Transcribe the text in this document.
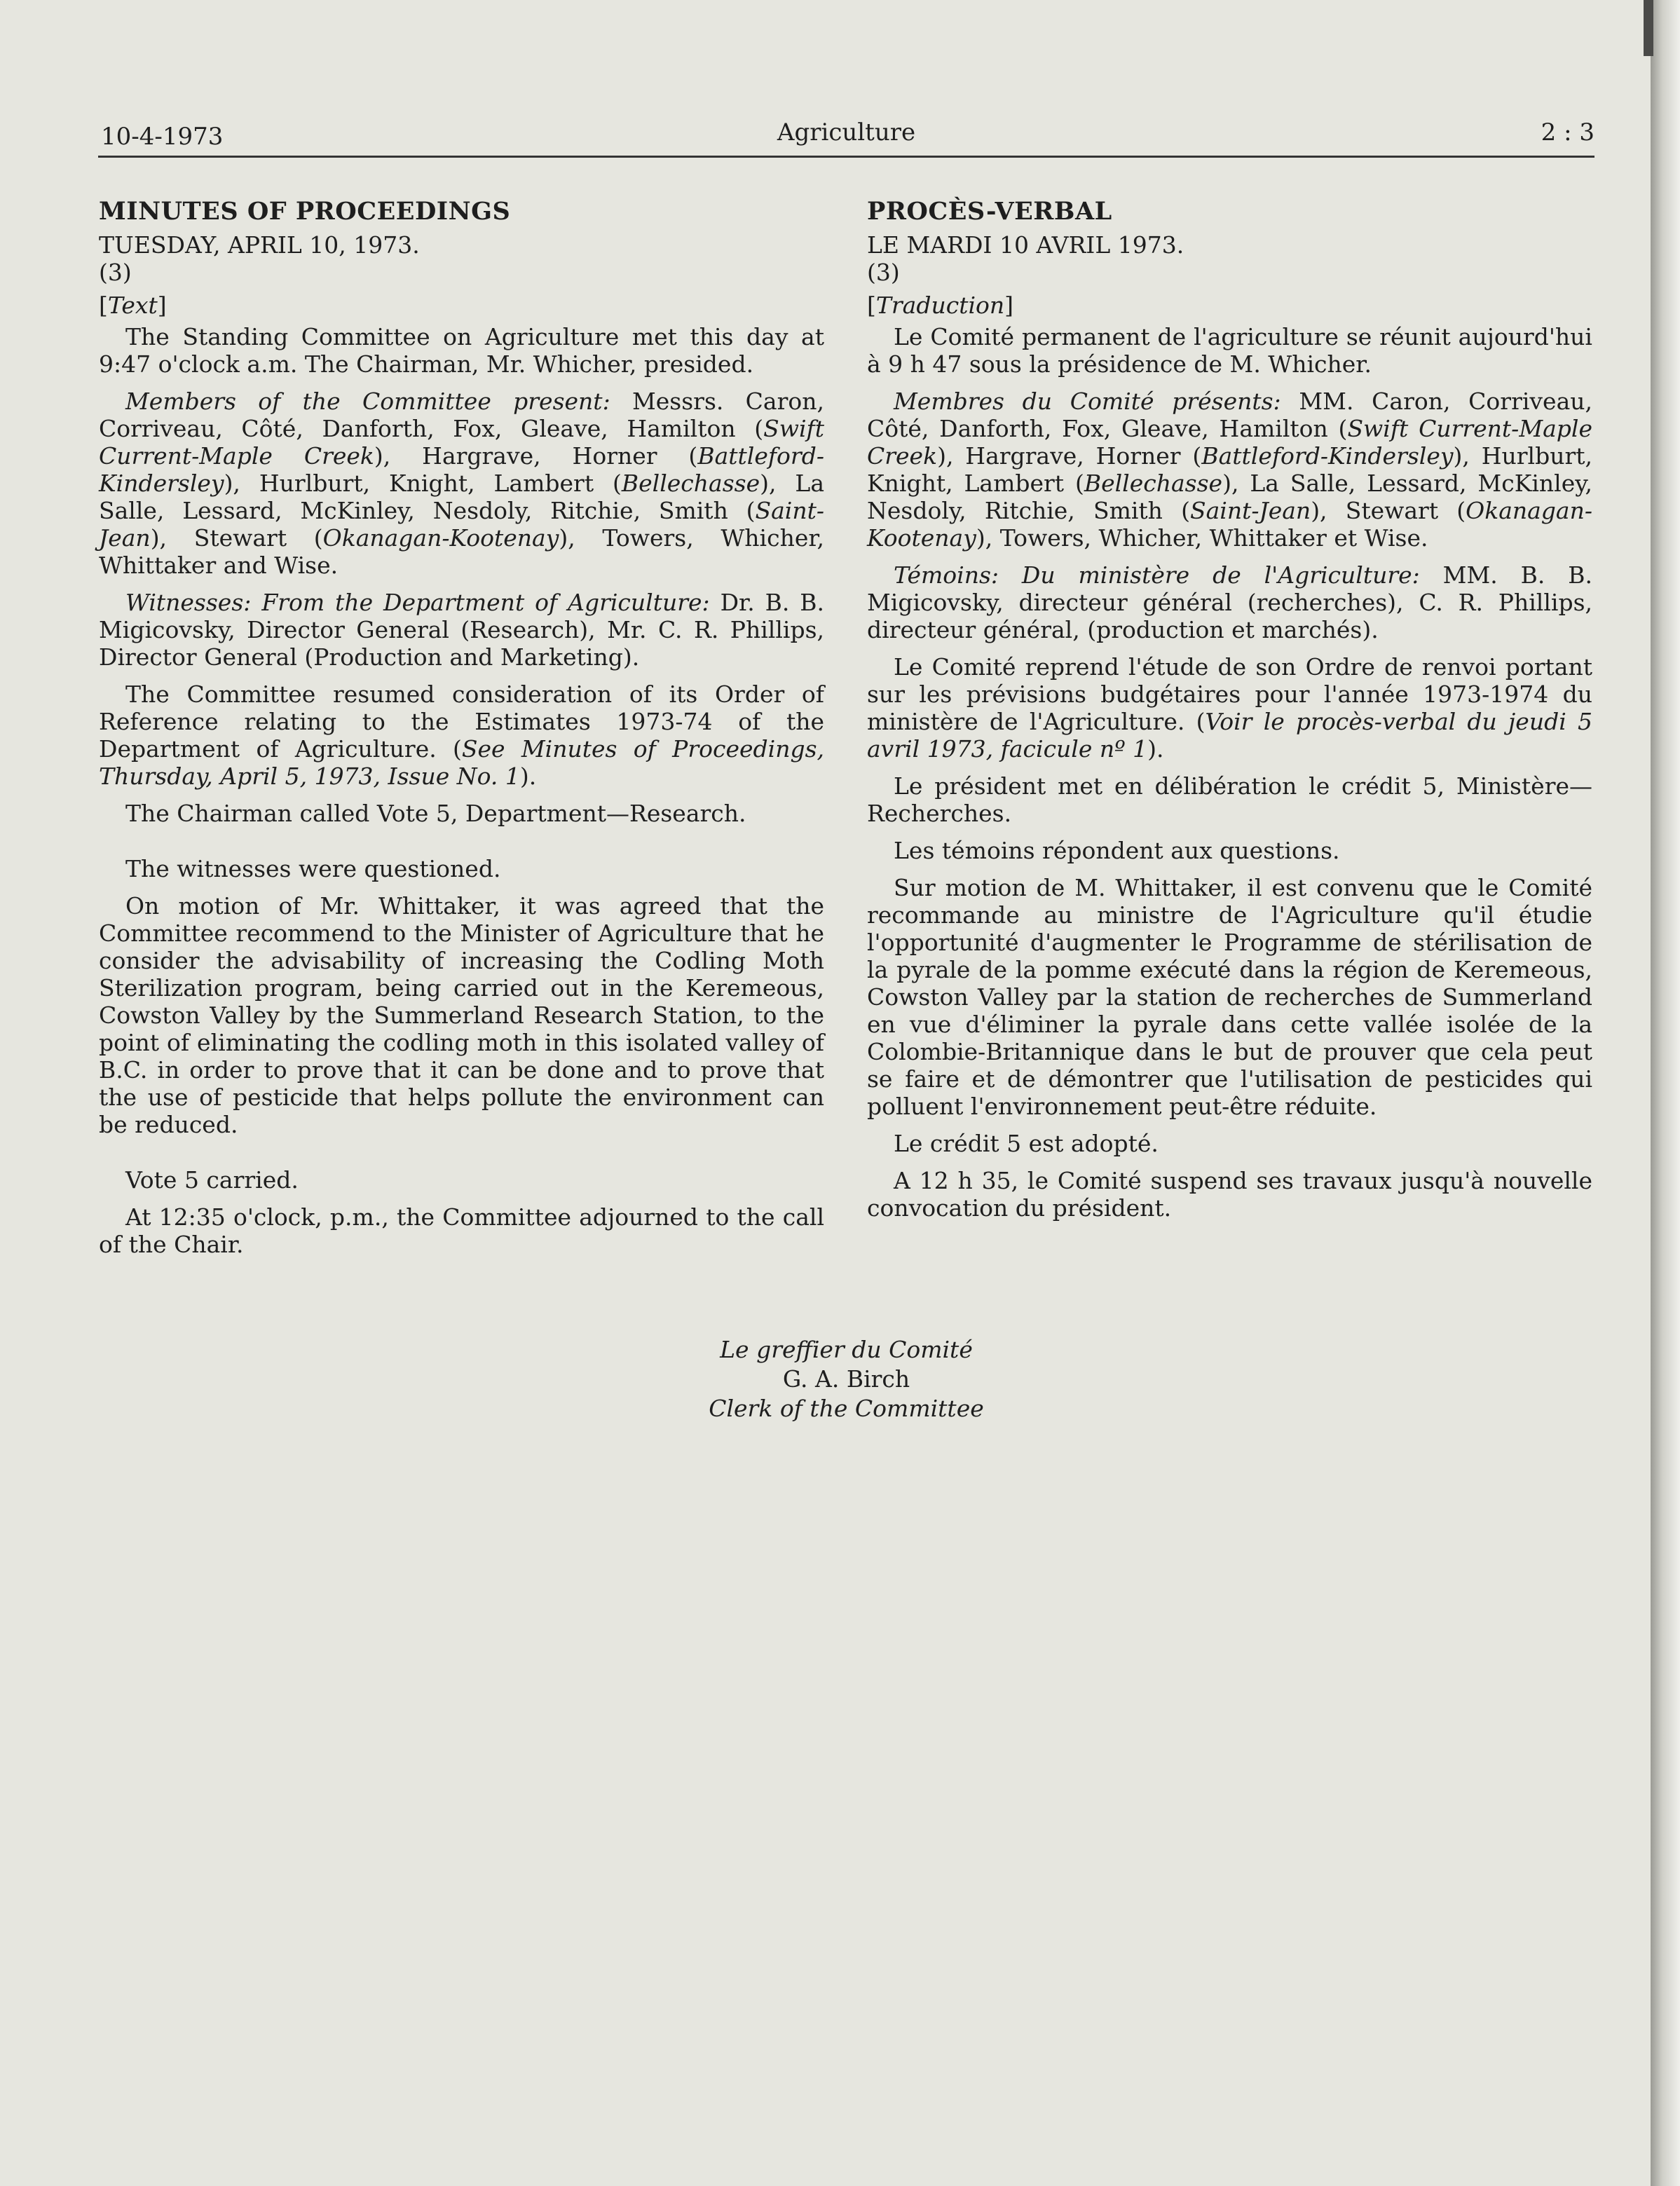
10-4-1973	Agriculture	2 : 3
MINUTES OF PROCEEDINGS
TUESDAY, APRIL 10, 1973.
(3)
[Text]

The Standing Committee on Agriculture met this day at 9:47 o'clock a.m. The Chairman, Mr. Whicher, presided.

Members of the Committee present: Messrs. Caron, Corriveau, Côté, Danforth, Fox, Gleave, Hamilton (Swift Current-Maple Creek), Hargrave, Horner (Battleford-Kindersley), Hurlburt, Knight, Lambert (Bellechasse), La Salle, Lessard, McKinley, Nesdoly, Ritchie, Smith (Saint-Jean), Stewart (Okanagan-Kootenay), Towers, Whicher, Whittaker and Wise.

Witnesses: From the Department of Agriculture: Dr. B. B. Migicovsky, Director General (Research), Mr. C. R. Phillips, Director General (Production and Marketing).

The Committee resumed consideration of its Order of Reference relating to the Estimates 1973-74 of the Department of Agriculture. (See Minutes of Proceedings, Thursday, April 5, 1973, Issue No. 1).

The Chairman called Vote 5, Department—Research.

The witnesses were questioned.

On motion of Mr. Whittaker, it was agreed that the Committee recommend to the Minister of Agriculture that he consider the advisability of increasing the Codling Moth Sterilization program, being carried out in the Keremeous, Cowston Valley by the Summerland Research Station, to the point of eliminating the codling moth in this isolated valley of B.C. in order to prove that it can be done and to prove that the use of pesticide that helps pollute the environment can be reduced.

Vote 5 carried.

At 12:35 o'clock, p.m., the Committee adjourned to the call of the Chair.

PROCÈS-VERBAL
LE MARDI 10 AVRIL 1973.
(3)
[Traduction]

Le Comité permanent de l'agriculture se réunit aujourd'hui à 9 h 47 sous la présidence de M. Whicher.

Membres du Comité présents: MM. Caron, Corriveau, Côté, Danforth, Fox, Gleave, Hamilton (Swift Current-Maple Creek), Hargrave, Horner (Battleford-Kindersley), Hurlburt, Knight, Lambert (Bellechasse), La Salle, Lessard, McKinley, Nesdoly, Ritchie, Smith (Saint-Jean), Stewart (Okanagan-Kootenay), Towers, Whicher, Whittaker et Wise.

Témoins: Du ministère de l'Agriculture: MM. B. B. Migicovsky, directeur général (recherches), C. R. Phillips, directeur général, (production et marchés).

Le Comité reprend l'étude de son Ordre de renvoi portant sur les prévisions budgétaires pour l'année 1973-1974 du ministère de l'Agriculture. (Voir le procès-verbal du jeudi 5 avril 1973, facicule nº 1).

Le président met en délibération le crédit 5, Ministère—Recherches.

Les témoins répondent aux questions.

Sur motion de M. Whittaker, il est convenu que le Comité recommande au ministre de l'Agriculture qu'il étudie l'opportunité d'augmenter le Programme de stérilisation de la pyrale de la pomme exécuté dans la région de Keremeous, Cowston Valley par la station de recherches de Summerland en vue d'éliminer la pyrale dans cette vallée isolée de la Colombie-Britannique dans le but de prouver que cela peut se faire et de démontrer que l'utilisation de pesticides qui polluent l'environnement peut-être réduite.

Le crédit 5 est adopté.

A 12 h 35, le Comité suspend ses travaux jusqu'à nouvelle convocation du président.

Le greffier du Comité
G. A. Birch
Clerk of the Committee
